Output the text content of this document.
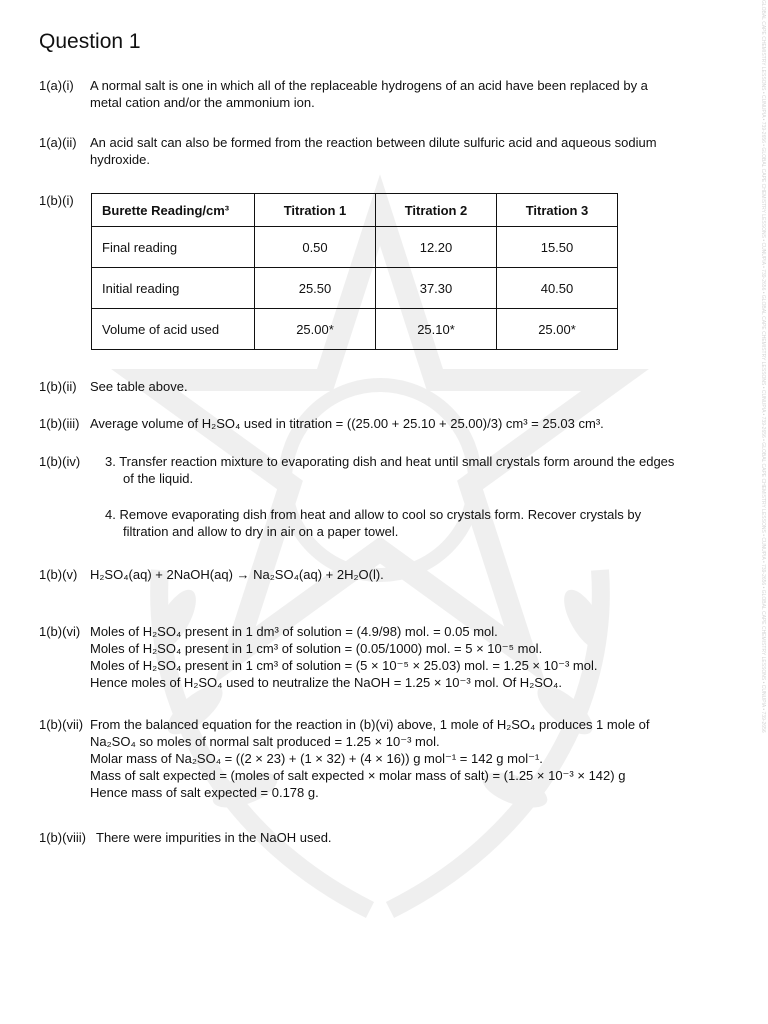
GLOBAL CAPE CHEMISTRY LESSONS • CUNUPIA • 739-2656 • GLOBAL CAPE CHEMISTRY LESSONS • CUNUPIA • 739-2656 • GLOBAL CAPE CHEMISTRY LESSONS • CUNUPIA • 739-2656 • GLOBAL CAPE CHEMISTRY LESSONS • CUNUPIA • 739-2656 • GLOBAL CAPE CHEMISTRY LESSONS • CUNUPIA • 739-2656
Question 1
1(a)(i) A normal salt is one in which all of the replaceable hydrogens of an acid have been replaced by a
metal cation and/or the ammonium ion.
1(a)(ii) An acid salt can also be formed from the reaction between dilute sulfuric acid and aqueous sodium
hydroxide.
1(b)(i)
Burette Reading/cm³	Titration 1	Titration 2	Titration 3
Final reading	0.50	12.20	15.50
Initial reading	25.50	37.30	40.50
Volume of acid used	25.00*	25.10*	25.00*
1(b)(ii) See table above.
1(b)(iii) Average volume of H₂SO₄ used in titration = ((25.00 + 25.10 + 25.00)/3) cm³ = 25.03 cm³.
1(b)(iv) 3. Transfer reaction mixture to evaporating dish and heat until small crystals form around the edges
of the liquid.
4. Remove evaporating dish from heat and allow to cool so crystals form. Recover crystals by
filtration and allow to dry in air on a paper towel.
1(b)(v) H₂SO₄(aq) + 2NaOH(aq) → Na₂SO₄(aq) + 2H₂O(l).
1(b)(vi) Moles of H₂SO₄ present in 1 dm³ of solution = (4.9/98) mol. = 0.05 mol.
Moles of H₂SO₄ present in 1 cm³ of solution = (0.05/1000) mol. = 5 × 10⁻⁵ mol.
Moles of H₂SO₄ present in 1 cm³ of solution = (5 × 10⁻⁵ × 25.03) mol. = 1.25 × 10⁻³ mol.
Hence moles of H₂SO₄ used to neutralize the NaOH = 1.25 × 10⁻³ mol. Of H₂SO₄.
1(b)(vii) From the balanced equation for the reaction in (b)(vi) above, 1 mole of H₂SO₄ produces 1 mole of
Na₂SO₄ so moles of normal salt produced = 1.25 × 10⁻³ mol.
Molar mass of Na₂SO₄ = ((2 × 23) + (1 × 32) + (4 × 16)) g mol⁻¹ = 142 g mol⁻¹.
Mass of salt expected = (moles of salt expected × molar mass of salt) = (1.25 × 10⁻³ × 142) g
Hence mass of salt expected = 0.178 g.
1(b)(viii) There were impurities in the NaOH used.
